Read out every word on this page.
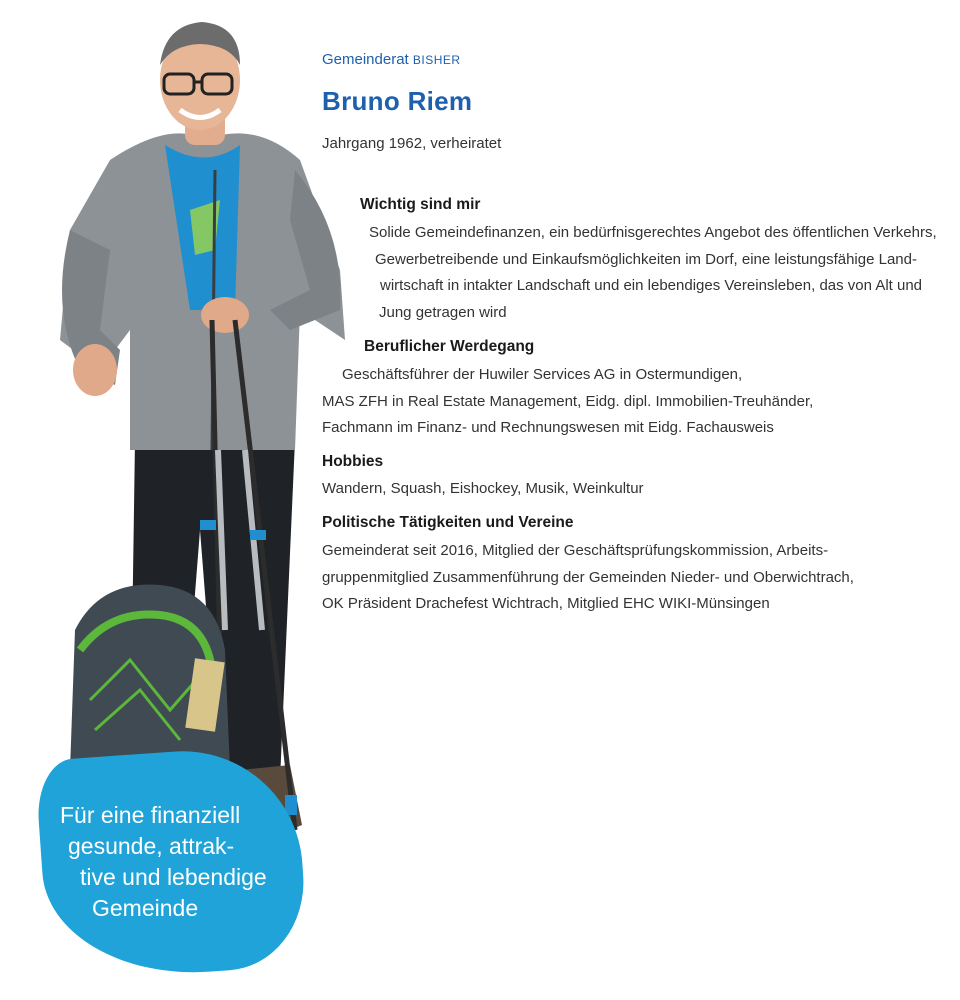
Für eine finanziell
gesunde, attrak-
tive und lebendige
Gemeinde
Gemeinderat BISHER
Bruno Riem
Jahrgang 1962, verheiratet
Wichtig sind mir
Solide Gemeindefinanzen, ein bedürfnisgerechtes Angebot des öffentlichen Verkehrs,
Gewerbetreibende und Einkaufsmöglichkeiten im Dorf, eine leistungsfähige Land-
wirtschaft in intakter Landschaft und ein lebendiges Vereinsleben, das von Alt und
Jung getragen wird
Beruflicher Werdegang
Geschäftsführer der Huwiler Services AG in Ostermundigen,
MAS ZFH in Real Estate Management, Eidg. dipl. Immobilien-Treuhänder,
Fachmann im Finanz- und Rechnungswesen mit Eidg. Fachausweis
Hobbies
Wandern, Squash, Eishockey, Musik, Weinkultur
Politische Tätigkeiten und Vereine
Gemeinderat seit 2016, Mitglied der Geschäftsprüfungskommission, Arbeits-
gruppenmitglied Zusammenführung der Gemeinden Nieder- und Oberwichtrach,
OK Präsident Drachefest Wichtrach, Mitglied EHC WIKI-Münsingen
